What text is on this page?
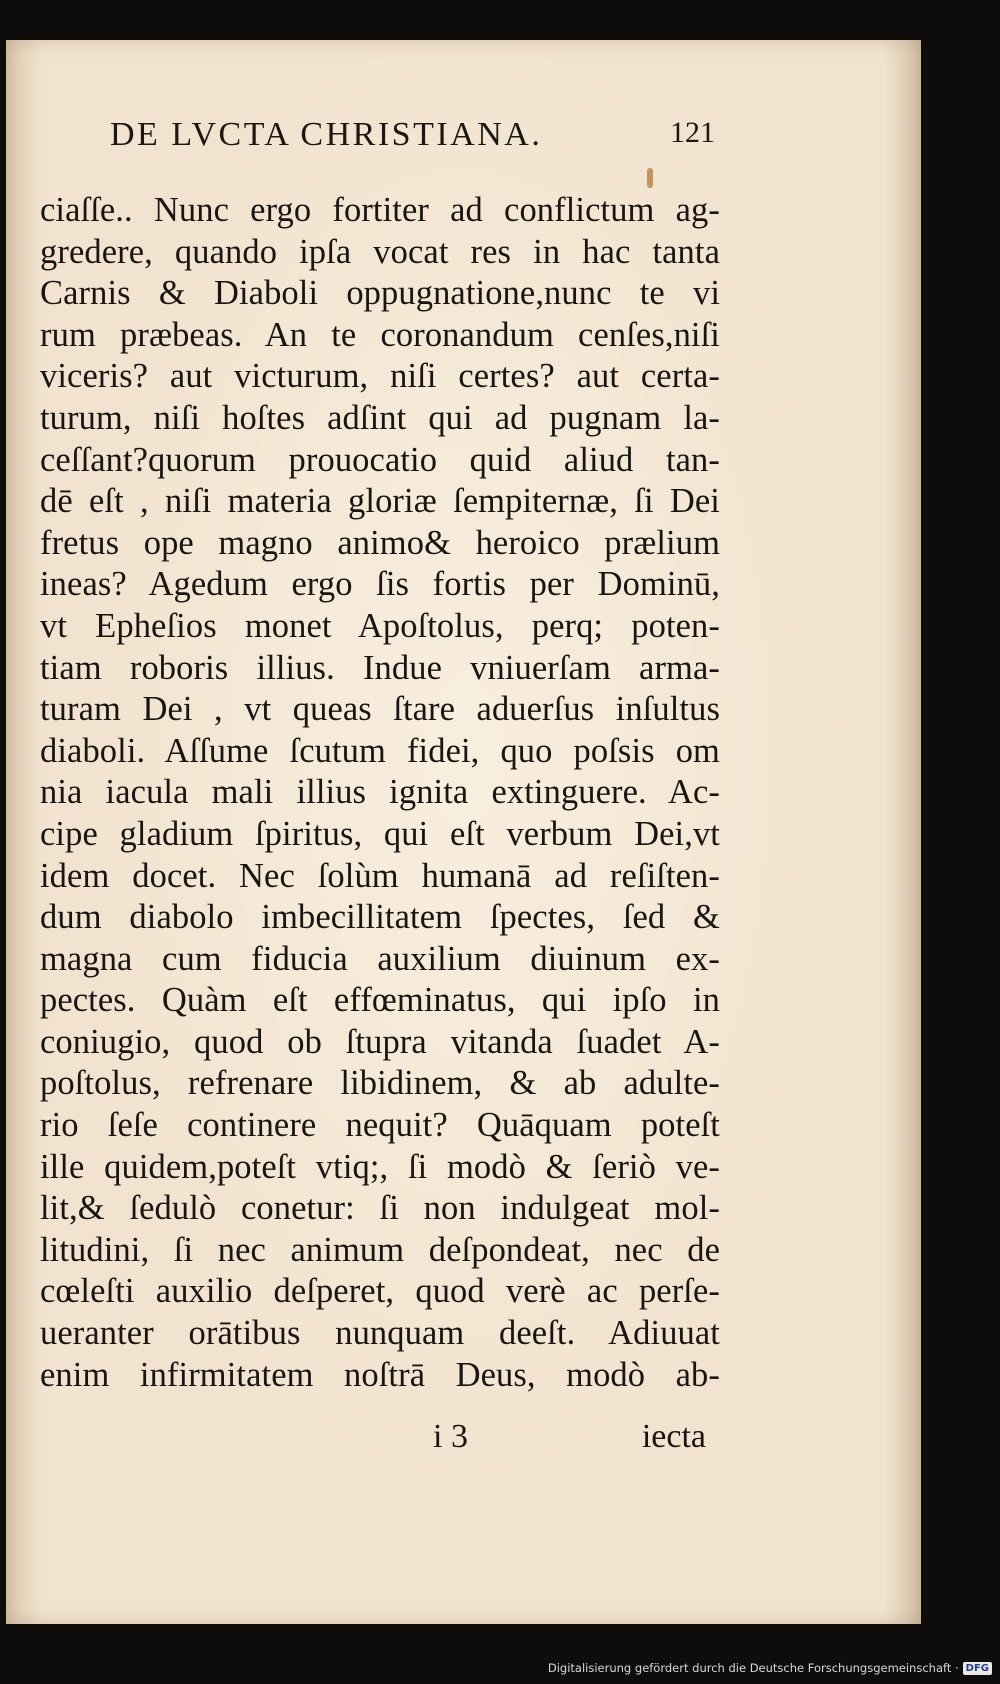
DE LVCTA CHRISTIANA.	121
ciaſſe.. Nunc ergo fortiter ad conflictum ag-
gredere, quando ipſa vocat res in hac tanta
Carnis & Diaboli oppugnatione,nunc te vi
rum præbeas. An te coronandum cenſes,niſi
viceris? aut victurum, niſi certes? aut certa-
turum, niſi hoſtes adſint qui ad pugnam la-
ceſſant?quorum prouocatio quid aliud tan-
dē eſt , niſi materia gloriæ ſempiternæ, ſi Dei
fretus ope magno animo& heroico prælium
ineas? Agedum ergo ſis fortis per Dominū,
vt Epheſios monet Apoſtolus, perq; poten-
tiam roboris illius. Indue vniuerſam arma-
turam Dei , vt queas ſtare aduerſus inſultus
diaboli. Aſſume ſcutum fidei, quo poſsis om
nia iacula mali illius ignita extinguere. Ac-
cipe gladium ſpiritus, qui eſt verbum Dei,vt
idem docet. Nec ſolùm humanā ad reſiſten-
dum diabolo imbecillitatem ſpectes, ſed &
magna cum fiducia auxilium diuinum ex-
pectes. Quàm eſt effœminatus, qui ipſo in
coniugio, quod ob ſtupra vitanda ſuadet A-
poſtolus, refrenare libidinem, & ab adulte-
rio ſeſe continere nequit? Quāquam poteſt
ille quidem,poteſt vtiq;, ſi modò & ſeriò ve-
lit,& ſedulò conetur: ſi non indulgeat mol-
litudini, ſi nec animum deſpondeat, nec de
cœleſti auxilio deſperet, quod verè ac perſe-
ueranter orātibus nunquam deeſt. Adiuuat
enim infirmitatem noſtrā Deus, modò ab-
i 3	iecta
Digitalisierung gefördert durch die Deutsche Forschungsgemeinschaft · DFG
